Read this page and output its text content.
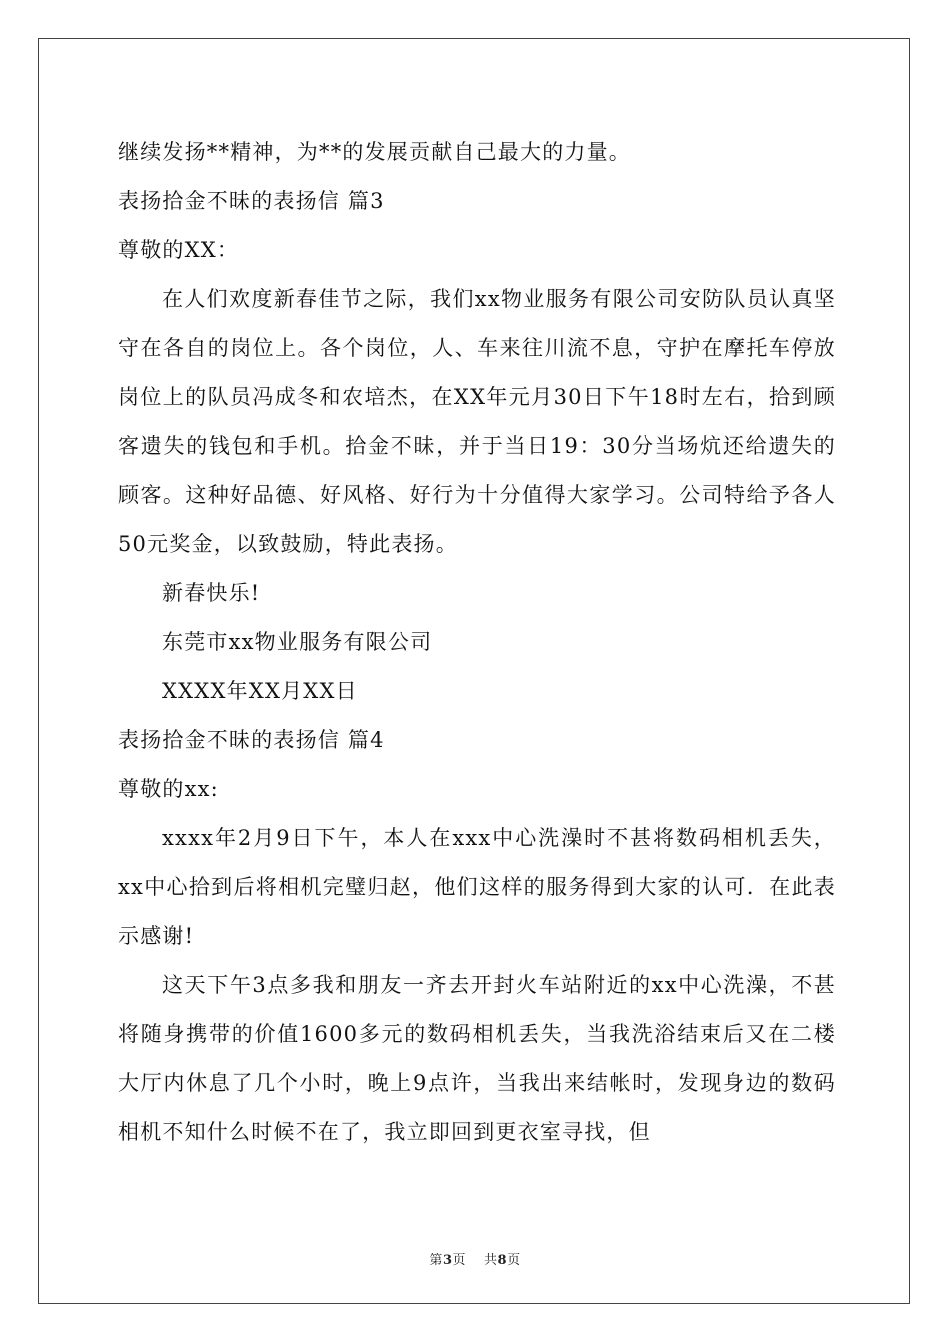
继续发扬**精神，为**的发展贡献自己最大的力量。
表扬拾金不昧的表扬信 篇3
尊敬的XX：
在人们欢度新春佳节之际，我们xx物业服务有限公司安防队员认真坚守在各自的岗位上。各个岗位，人、车来往川流不息，守护在摩托车停放岗位上的队员冯成冬和农培杰，在XX年元月30日下午18时左右，拾到顾客遗失的钱包和手机。拾金不昧，并于当日19：30分当场炕还给遗失的顾客。这种好品德、好风格、好行为十分值得大家学习。公司特给予各人50元奖金，以致鼓励，特此表扬。
新春快乐!
东莞市xx物业服务有限公司
XXXX年XX月XX日
表扬拾金不昧的表扬信 篇4
尊敬的xx:
xxxx年2月9日下午，本人在xxx中心洗澡时不甚将数码相机丢失，xx中心拾到后将相机完璧归赵，他们这样的服务得到大家的认可．在此表示感谢!
这天下午3点多我和朋友一齐去开封火车站附近的xx中心洗澡，不甚将随身携带的价值1600多元的数码相机丢失，当我洗浴结束后又在二楼大厅内休息了几个小时，晚上9点许，当我出来结帐时，发现身边的数码相机不知什么时候不在了，我立即回到更衣室寻找，但
第3页 共8页
